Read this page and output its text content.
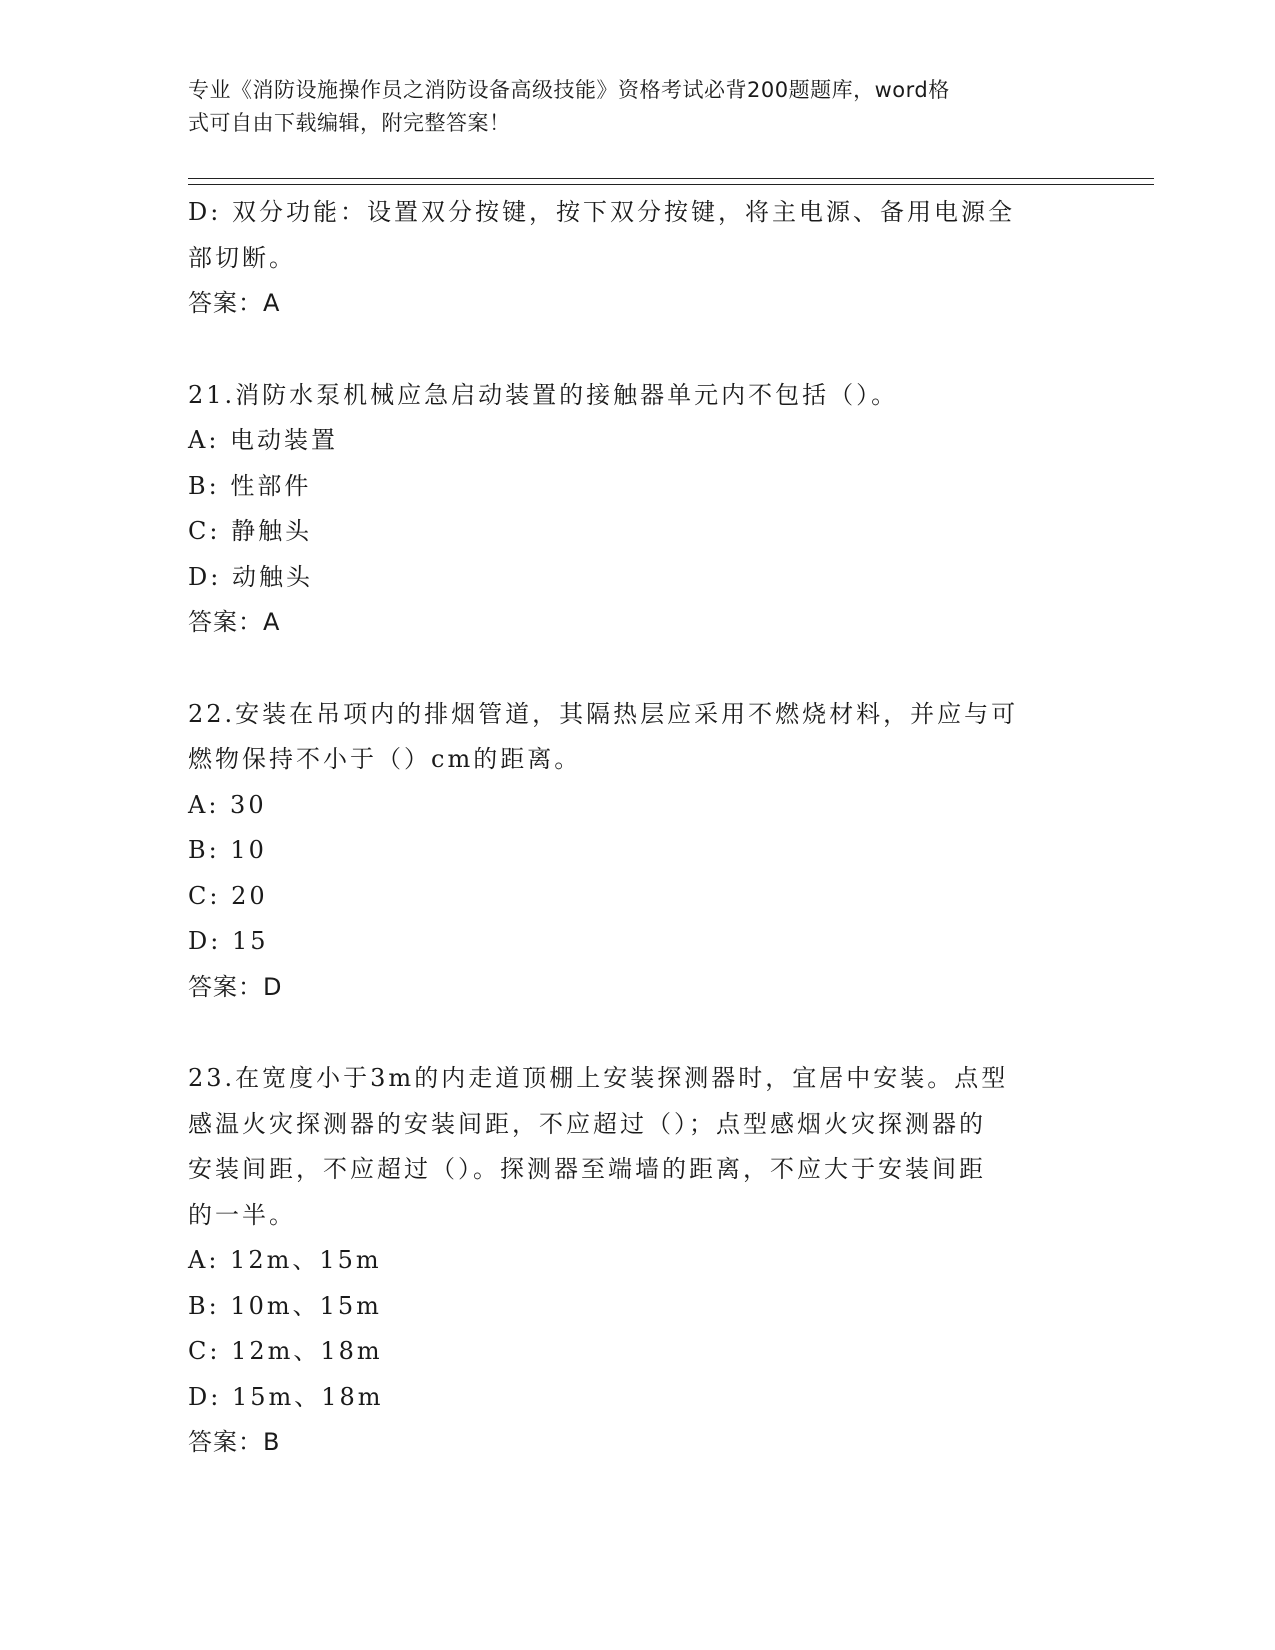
专业《消防设施操作员之消防设备高级技能》资格考试必背200题题库，word格
式可自由下载编辑，附完整答案！
D: 双分功能：设置双分按键，按下双分按键，将主电源、备用电源全
部切断。
答案：A
21.消防水泵机械应急启动装置的接触器单元内不包括（）。
A: 电动装置
B: 性部件
C: 静触头
D: 动触头
答案：A
22.安装在吊项内的排烟管道，其隔热层应采用不燃烧材料，并应与可
燃物保持不小于（）cm的距离。
A: 30
B: 10
C: 20
D: 15
答案：D
23.在宽度小于3m的内走道顶棚上安装探测器时，宜居中安装。点型
感温火灾探测器的安装间距，不应超过（）；点型感烟火灾探测器的
安装间距，不应超过（）。探测器至端墙的距离，不应大于安装间距
的一半。
A: 12m、15m
B: 10m、15m
C: 12m、18m
D: 15m、18m
答案：B
